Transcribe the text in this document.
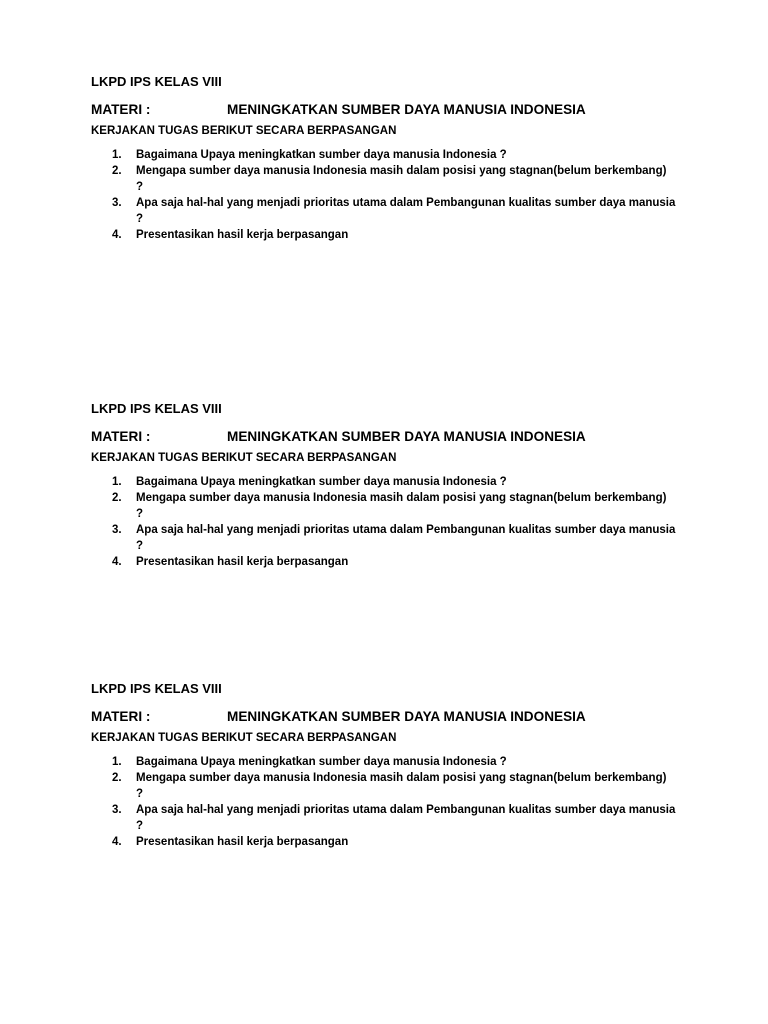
LKPD IPS KELAS VIII
MATERI :	MENINGKATKAN SUMBER DAYA MANUSIA INDONESIA
KERJAKAN TUGAS BERIKUT SECARA BERPASANGAN
1. Bagaimana Upaya meningkatkan sumber daya manusia Indonesia ?
2. Mengapa sumber daya manusia Indonesia masih dalam posisi yang stagnan(belum berkembang) ?
3. Apa saja hal-hal yang menjadi prioritas utama dalam Pembangunan kualitas sumber daya manusia ?
4. Presentasikan hasil kerja berpasangan
LKPD IPS KELAS VIII
MATERI :	MENINGKATKAN SUMBER DAYA MANUSIA INDONESIA
KERJAKAN TUGAS BERIKUT SECARA BERPASANGAN
1. Bagaimana Upaya meningkatkan sumber daya manusia Indonesia ?
2. Mengapa sumber daya manusia Indonesia masih dalam posisi yang stagnan(belum berkembang) ?
3. Apa saja hal-hal yang menjadi prioritas utama dalam Pembangunan kualitas sumber daya manusia ?
4. Presentasikan hasil kerja berpasangan
LKPD IPS KELAS VIII
MATERI :	MENINGKATKAN SUMBER DAYA MANUSIA INDONESIA
KERJAKAN TUGAS BERIKUT SECARA BERPASANGAN
1. Bagaimana Upaya meningkatkan sumber daya manusia Indonesia ?
2. Mengapa sumber daya manusia Indonesia masih dalam posisi yang stagnan(belum berkembang) ?
3. Apa saja hal-hal yang menjadi prioritas utama dalam Pembangunan kualitas sumber daya manusia ?
4. Presentasikan hasil kerja berpasangan
